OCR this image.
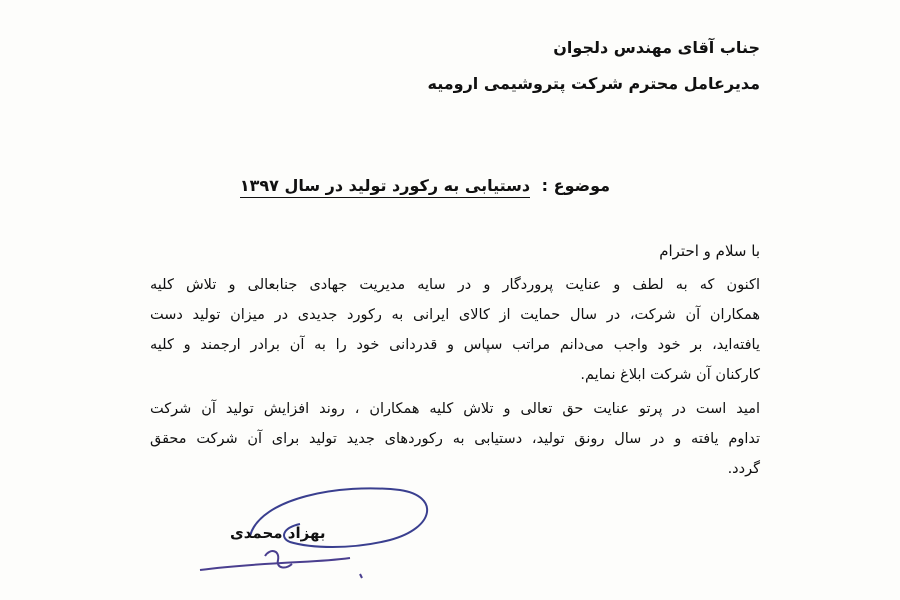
جناب آقای مهندس دلجوان
مدیرعامل محترم شرکت پتروشیمی ارومیه
موضوع : دستیابی به رکورد تولید در سال ۱۳۹۷
با سلام و احترام
اکنون که به لطف و عنایت پروردگار و در سایه مدیریت جهادی جنابعالی و تلاش کلیه
همکاران آن شرکت، در سال حمایت از کالای ایرانی به رکورد جدیدی در میزان تولید دست
یافته‌اید، بر خود واجب می‌دانم مراتب سپاس و قدردانی خود را به آن برادر ارجمند و کلیه
کارکنان آن شرکت ابلاغ نمایم.
امید است در پرتو عنایت حق تعالی و تلاش کلیه همکاران ، روند افزایش تولید آن شرکت
تداوم یافته و در سال رونق تولید، دستیابی به رکوردهای جدید تولید برای آن شرکت محقق
گردد.
بهزاد محمدی
